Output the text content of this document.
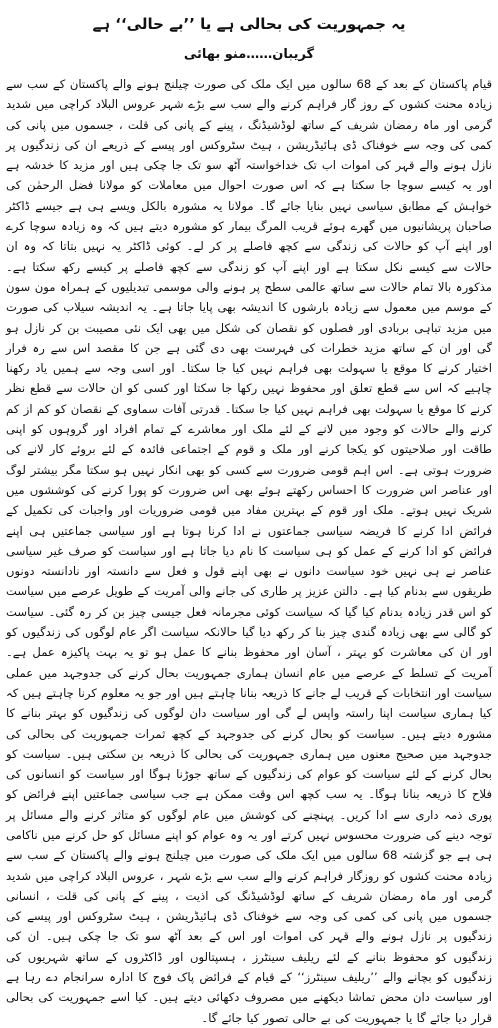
یہ جمہوریت کی بحالی ہے یا ’’بے حالی‘‘ ہے
گریبان……منو بھائی
قیام پاکستان کے بعد کے 68 سالوں میں ایک ملک کی صورت چیلنج ہونے والے پاکستان کے سب سے زیادہ محنت کشوں کے روز گار فراہم کرنے والے سب سے بڑے شہر عروس البلاد کراچی میں شدید گرمی اور ماہ رمضان شریف کے ساتھ لوڈشیڈنگ ، پینے کے پانی کی قلت ، جسموں میں پانی کی کمی کی وجہ سے خوفناک ڈی ہائیڈریشن ، ہیٹ سٹروکس اور پیسے کے ذریعے ان کی زندگیوں پر نازل ہونے والے قہر کی اموات اب تک خداخواستہ آٹھ سو تک جا چکی ہیں اور مزید کا خدشہ ہے اور یہ کیسے سوچا جا سکتا ہے کہ اس صورت احوال میں معاملات کو مولانا فضل الرحمٰن کی خواہش کے مطابق سیاسی نہیں بنایا جائے گا۔ مولانا یہ مشورہ بالکل ویسے ہی ہے جیسے ڈاکٹر صاحبان پریشانیوں میں گھرے ہوئے قریب المرگ بیمار کو مشورہ دیتے ہیں کہ وہ زیادہ سوچا کرے اور اپنے آپ کو حالات کی زندگی سے کچھ فاصلے پر کر لے۔ کوئی ڈاکٹر یہ نہیں بتاتا کہ وہ ان حالات سے کیسے نکل سکتا ہے اور اپنے آپ کو زندگی سے کچھ فاصلے پر کیسے رکھ سکتا ہے۔ مذکورہ بالا تمام حالات سے ساتھ عالمی سطح پر ہونے والی موسمی تبدیلیوں کے ہمراہ مون سون کے موسم میں معمول سے زیادہ بارشوں کا اندیشہ بھی پایا جاتا ہے۔ یہ اندیشہ سیلاب کی صورت میں مزید تباہی بربادی اور فصلوں کو نقصان کی شکل میں بھی ایک نئی مصیبت بن کر نازل ہو گی اور ان کے ساتھ مزید خطرات کی فہرست بھی دی گئی ہے جن کا مقصد اس سے رہ فرار اختیار کرنے کا موقع یا سہولت بھی فراہم نہیں کیا جا سکتا۔ اور اسی وجہ سے ہمیں یاد رکھنا چاہیے کہ اس سے قطع تعلق اور محفوظ نہیں رکھا جا سکتا اور کسی کو ان حالات سے قطع نظر کرنے کا موقع یا سہولت بھی فراہم نہیں کیا جا سکتا۔ قدرتی آفات سماوی کے نقصان کو کم از کم کرنے والے حالات کو وجود میں لانے کے لئے ملک اور معاشرے کے تمام افراد اور گروہوں کو اپنی طاقت اور صلاحیتوں کو یکجا کرنے اور ملک و قوم کے اجتماعی فائدہ کے لئے بروئے کار لانے کی ضرورت ہوتی ہے۔ اس اہم قومی ضرورت سے کسی کو بھی انکار نہیں ہو سکتا مگر بیشتر لوگ اور عناصر اس ضرورت کا احساس رکھتے ہوئے بھی اس ضرورت کو پورا کرنے کی کوششوں میں شریک نہیں ہوتے۔ ملک اور قوم کے بہترین مفاد میں قومی ضروریات اور واجبات کی تکمیل کے فرائض ادا کرنے کا فریضہ سیاسی جماعتوں نے ادا کرنا ہوتا ہے اور سیاسی جماعتیں ہی اپنے فرائض کو ادا کرنے کے عمل کو ہی سیاست کا نام دیا جاتا ہے اور سیاست کو صرف غیر سیاسی عناصر نے ہی نہیں خود سیاست دانوں نے بھی اپنے قول و فعل سے دانستہ اور نادانستہ دونوں طریقوں سے بدنام کیا ہے۔ دالتن عزیز پر طاری کی جانے والی آمریت کے طویل عرصے میں سیاست کو اس قدر زیادہ بدنام کیا گیا کہ سیاست کوئی مجرمانہ فعل جیسی چیز بن کر رہ گئی۔ سیاست کو گالی سے بھی زیادہ گندی چیز بنا کر رکھ دیا گیا حالانکہ سیاست اگر عام لوگوں کی زندگیوں کو اور ان کی معاشرت کو بہتر ، آسان اور محفوظ بنانے کا عمل ہو تو یہ بہت پاکیزہ عمل ہے۔ آمریت کے تسلط کے عرصے میں عام انسان ہماری جمہوریت بحال کرنے کی جدوجہد میں عملی سیاست اور انتخابات کے قریب لے جانے کا ذریعہ بنانا چاہتے ہیں اور جو یہ معلوم کرنا چاہتے ہیں کہ کیا ہماری سیاست اپنا راستہ واپس لے گی اور سیاست دان لوگوں کی زندگیوں کو بہتر بنانے کا مشورہ دیتے ہیں۔ سیاست کو بحال کرنے کی جدوجہد کے کچھ ثمرات جمہوریت کی بحالی کی جدوجہد میں صحیح معنوں میں ہماری جمہوریت کی بحالی کا ذریعہ بن سکتی ہیں۔ سیاست کو بحال کرنے کے لئے سیاست کو عوام کی زندگیوں کے ساتھ جوڑنا ہوگا اور سیاست کو انسانوں کی فلاح کا ذریعہ بنانا ہوگا۔ یہ سب کچھ اس وقت ممکن ہے جب سیاسی جماعتیں اپنے فرائض کو پوری ذمہ داری سے ادا کریں۔ پہنچنے کی کوشش میں عام لوگوں کو متاثر کرنے والے مسائل پر توجہ دینے کی ضرورت محسوس نہیں کرتے اور یہ وہ عوام کو اپنے مسائل کو حل کرنے میں ناکامی ہی ہے جو گزشتہ 68 سالوں میں ایک ملک کی صورت میں چیلنج ہونے والے پاکستان کے سب سے زیادہ محنت کشوں کو روزگار فراہم کرنے والے سب سے بڑے شہر ، عروس البلاد کراچی میں شدید گرمی اور ماہ رمضان شریف کے ساتھ لوڈشیڈنگ کی اذیت ، پینے کے پانی کی قلت ، انسانی جسموں میں پانی کی کمی کی وجہ سے خوفناک ڈی ہائیڈریشن ، ہیٹ سٹروکس اور پیسے کی زندگیوں پر نازل ہونے والے قہر کی اموات اور اس کے بعد آٹھ سو تک جا چکی ہیں۔ ان کی زندگیوں کو محفوظ بنانے کے لئے ریلیف سینٹرز ، ہسپتالوں اور ڈاکٹروں کے ساتھ شہریوں کی زندگیوں کو بچانے والے ’’ریلیف سینٹرز‘‘ کے قیام کے فرائض پاک فوج کا ادارہ سرانجام دے رہا ہے اور سیاست دان محض تماشا دیکھنے میں مصروف دکھائی دیتے ہیں۔ کیا اسے جمہوریت کی بحالی قرار دیا جائے گا یا جمہوریت کی بے حالی تصور کیا جائے گا۔
